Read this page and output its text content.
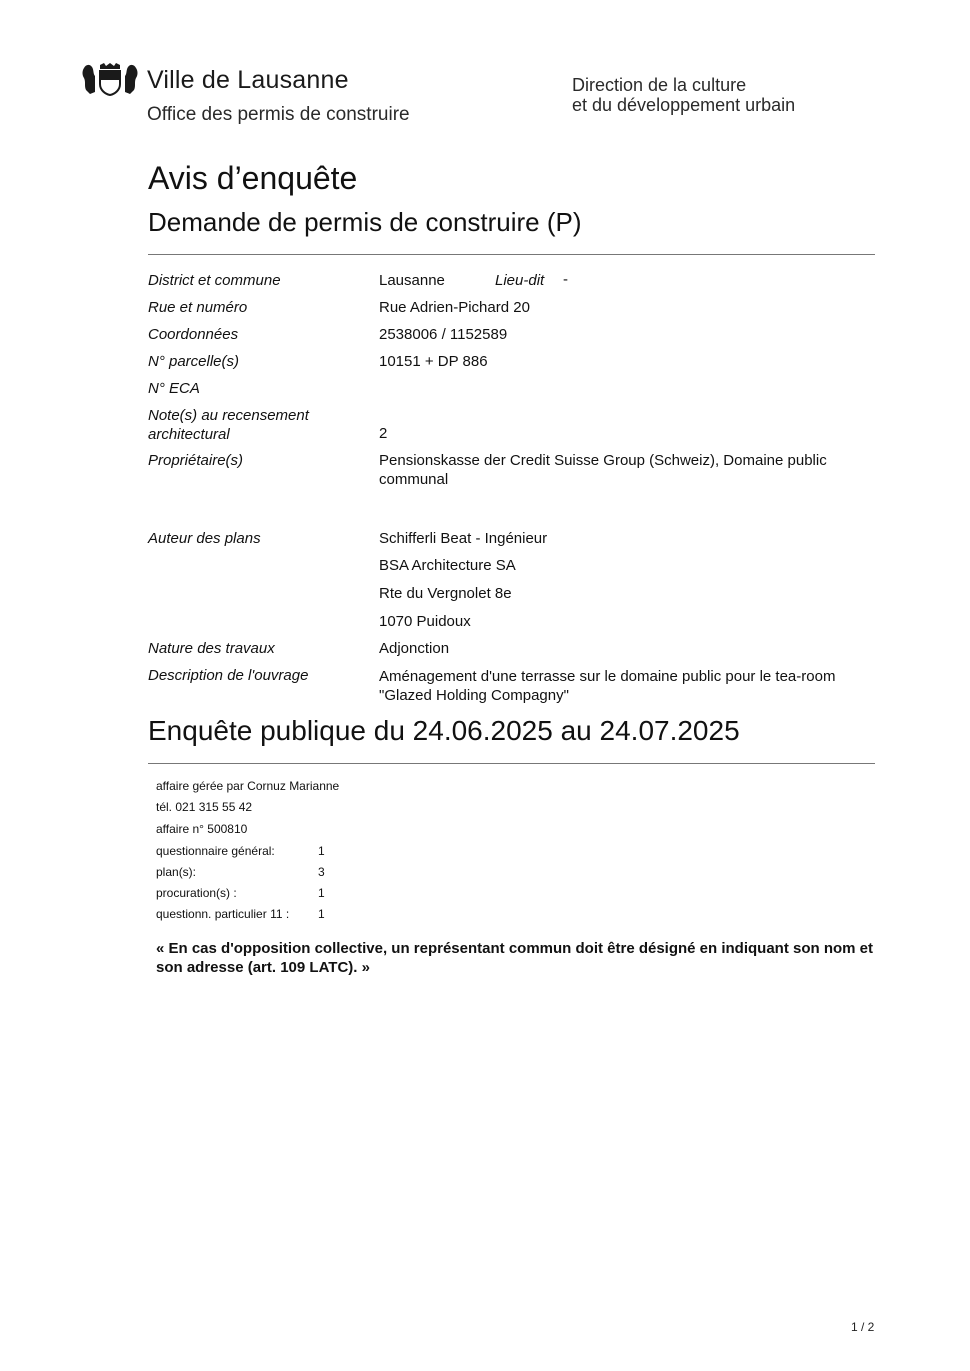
Ville de Lausanne
Office des permis de construire
Direction de la culture
et du développement urbain
Avis d’enquête
Demande de permis de construire (P)
District et commune	Lausanne	Lieu-dit -
Rue et numéro	Rue Adrien-Pichard 20
Coordonnées	2538006 / 1152589
N° parcelle(s)	10151 + DP 886
N° ECA
Note(s) au recensement
architectural	2
Propriétaire(s)	Pensionskasse der Credit Suisse Group (Schweiz), Domaine public
communal
Auteur des plans	Schifferli Beat - Ingénieur
BSA Architecture SA
Rte du Vergnolet 8e
1070 Puidoux
Nature des travaux	Adjonction
Description de l'ouvrage	Aménagement d'une terrasse sur le domaine public pour le tea-room
"Glazed Holding Compagny"
Enquête publique du 24.06.2025 au 24.07.2025
affaire gérée par Cornuz Marianne
tél. 021 315 55 42
affaire n° 500810
questionnaire général:	1
plan(s):	3
procuration(s) :	1
questionn. particulier 11 : 1
« En cas d'opposition collective, un représentant commun doit être désigné en indiquant son nom et son adresse (art. 109 LATC). »
1 / 2
